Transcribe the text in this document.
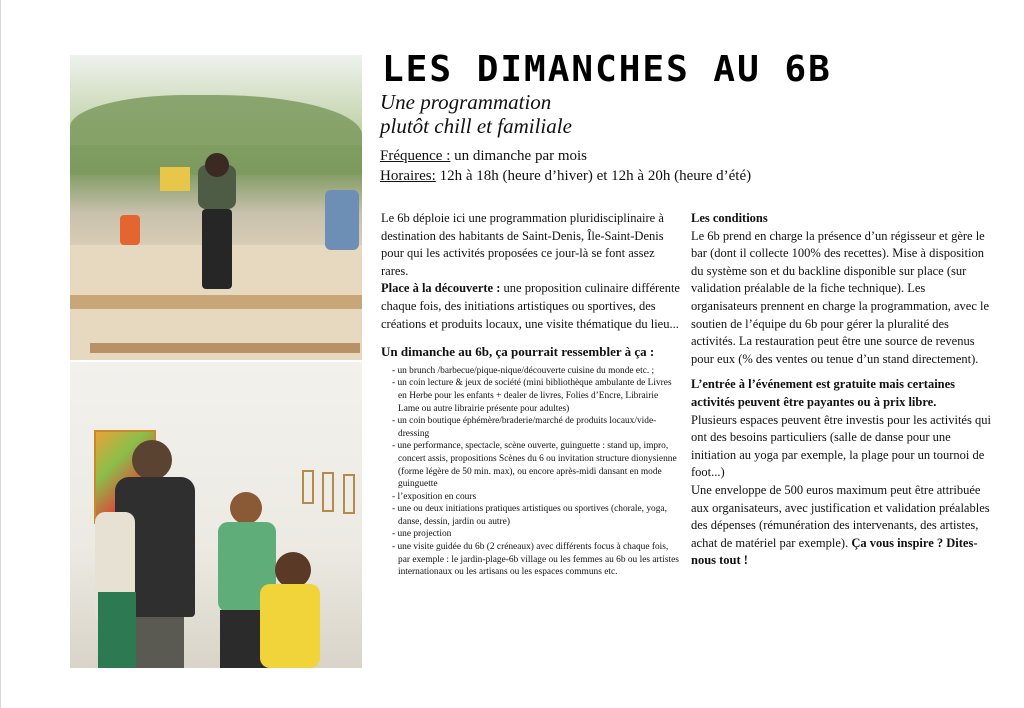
LES DIMANCHES AU 6B
Une programmation
plutôt chill et familiale
Fréquence : un dimanche par mois
Horaires: 12h à 18h (heure d’hiver) et 12h à 20h (heure d’été)

Le 6b déploie ici une programmation pluridisciplinaire à destination des habitants de Saint-Denis, Île-Saint-Denis pour qui les activités proposées ce jour-là se font assez rares.

Place à la découverte : une proposition culinaire différente chaque fois, des initiations artistiques ou sportives, des créations et produits locaux, une visite thématique du lieu...

Un dimanche au 6b, ça pourrait ressembler à ça :

- un brunch /barbecue/pique-nique/découverte cuisine du monde etc. ;
- un coin lecture & jeux de société (mini bibliothèque ambulante de Livres en Herbe pour les enfants + dealer de livres, Folies d’Encre, Librairie Lame ou autre librairie présente pour adultes)
- un coin boutique éphémère/braderie/marché de produits locaux/vide-dressing
- une performance, spectacle, scène ouverte, guinguette : stand up, impro, concert assis, propositions Scènes du 6 ou invitation structure dionysienne (forme légère de 50 min. max), ou encore après-midi dansant en mode guinguette
- l’exposition en cours
- une ou deux initiations pratiques artistiques ou sportives (chorale, yoga, danse, dessin, jardin ou autre)
- une projection
- une visite guidée du 6b (2 créneaux) avec différents focus à chaque fois, par exemple : le jardin-plage-6b village ou les femmes au 6b ou les artistes internationaux ou les artisans ou les espaces communs etc.

Les conditions

Le 6b prend en charge la présence d’un régisseur et gère le bar (dont il collecte 100% des recettes). Mise à disposition du système son et du backline disponible sur place (sur validation préalable de la fiche technique). Les organisateurs prennent en charge la programmation, avec le soutien de l’équipe du 6b pour gérer la pluralité des activités. La restauration peut être une source de revenus pour eux (% des ventes ou tenue d’un stand directement).

L’entrée à l’événement est gratuite mais certaines activités peuvent être payantes ou à prix libre.

Plusieurs espaces peuvent être investis pour les activités qui ont des besoins particuliers (salle de danse pour une initiation au yoga par exemple, la plage pour un tournoi de foot...)

Une enveloppe de 500 euros maximum peut être attribuée aux organisateurs, avec justification et validation préalables des dépenses (rémunération des intervenants, des artistes, achat de matériel par exemple). Ça vous inspire ? Dites-nous tout !
